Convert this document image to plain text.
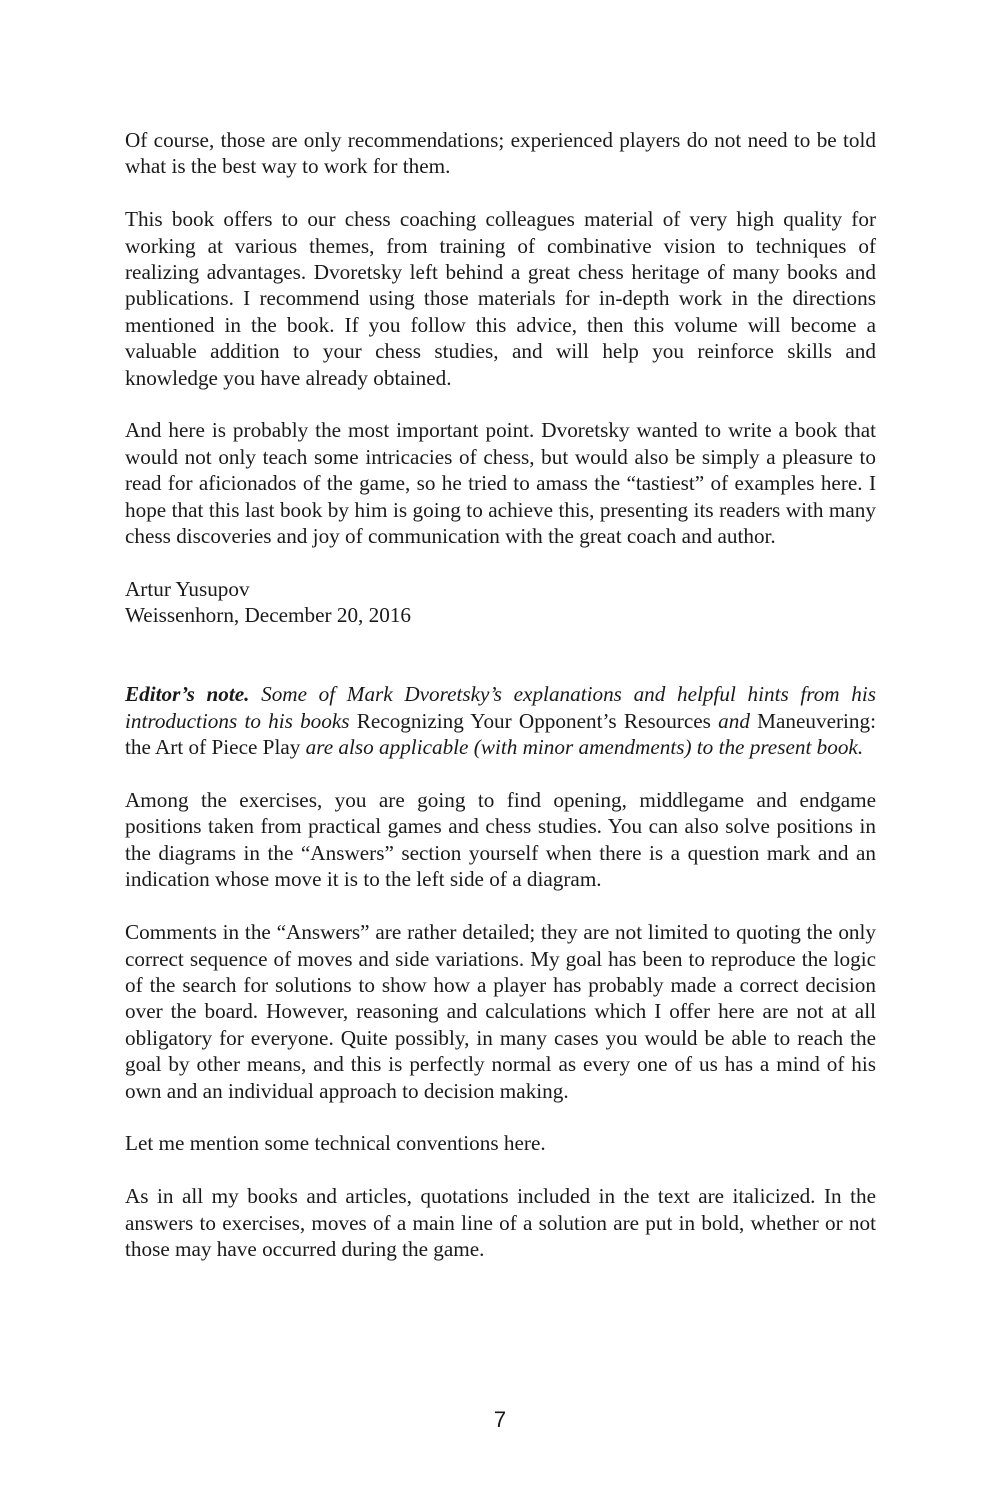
Of course, those are only recommendations; experienced players do not need to be told what is the best way to work for them.

This book offers to our chess coaching colleagues material of very high quality for working at various themes, from training of combinative vision to techniques of realizing advantages. Dvoretsky left behind a great chess heritage of many books and publications. I recommend using those materials for in-depth work in the directions mentioned in the book. If you follow this advice, then this volume will become a valuable addition to your chess studies, and will help you reinforce skills and knowledge you have already obtained.

And here is probably the most important point. Dvoretsky wanted to write a book that would not only teach some intricacies of chess, but would also be simply a pleasure to read for aficionados of the game, so he tried to amass the “tastiest” of examples here. I hope that this last book by him is going to achieve this, presenting its readers with many chess discoveries and joy of communication with the great coach and author.

Artur Yusupov

Weissenhorn, December 20, 2016

Editor’s note. Some of Mark Dvoretsky’s explanations and helpful hints from his introductions to his books Recognizing Your Opponent’s Resources and Maneuvering: the Art of Piece Play are also applicable (with minor amendments) to the present book.

Among the exercises, you are going to find opening, middlegame and endgame positions taken from practical games and chess studies. You can also solve positions in the diagrams in the “Answers” section yourself when there is a question mark and an indication whose move it is to the left side of a diagram.

Comments in the “Answers” are rather detailed; they are not limited to quoting the only correct sequence of moves and side variations. My goal has been to reproduce the logic of the search for solutions to show how a player has probably made a correct decision over the board. However, reasoning and calculations which I offer here are not at all obligatory for everyone. Quite possibly, in many cases you would be able to reach the goal by other means, and this is perfectly normal as every one of us has a mind of his own and an individual approach to decision making.

Let me mention some technical conventions here.

As in all my books and articles, quotations included in the text are italicized. In the answers to exercises, moves of a main line of a solution are put in bold, whether or not those may have occurred during the game.

7
